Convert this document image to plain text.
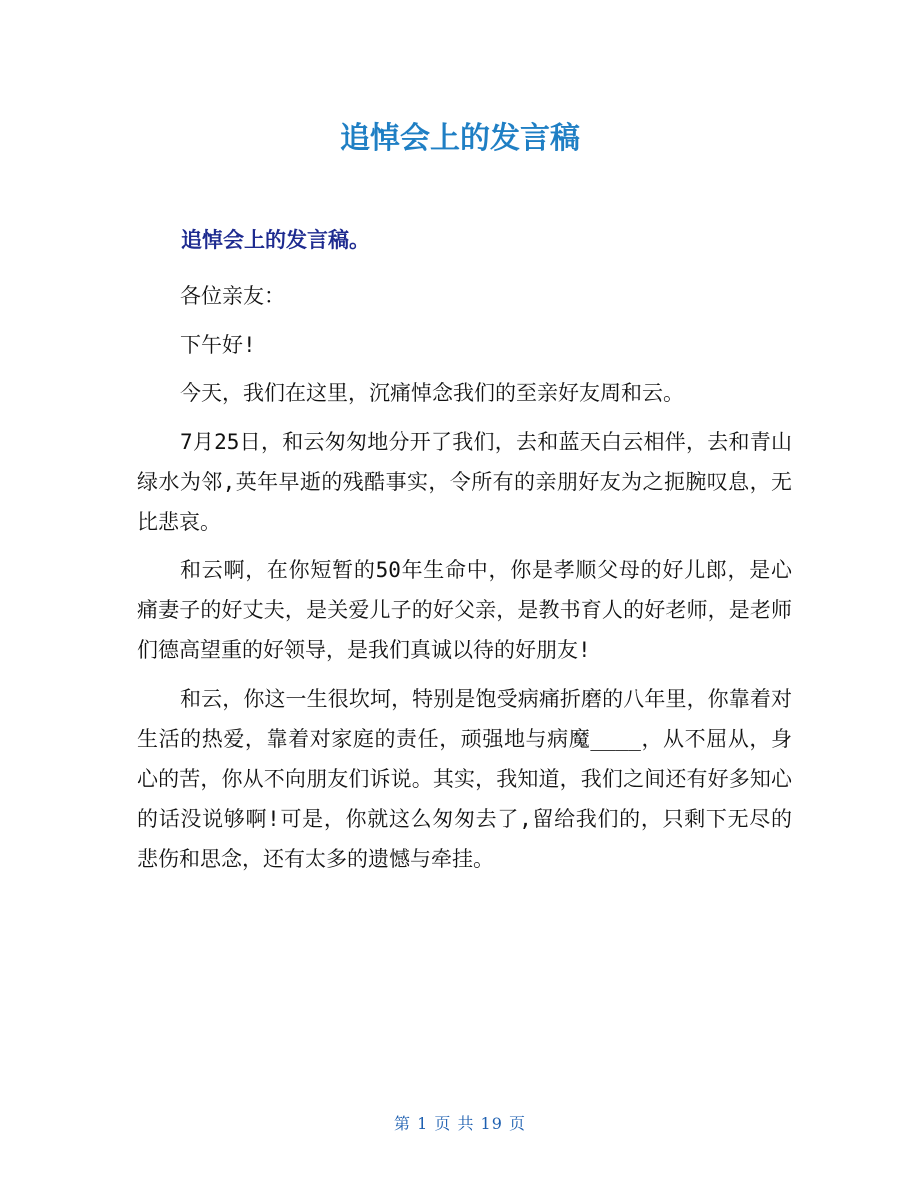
追悼会上的发言稿
追悼会上的发言稿。

各位亲友：

下午好!

今天，我们在这里，沉痛悼念我们的至亲好友周和云。

7月25日，和云匆匆地分开了我们，去和蓝天白云相伴，去和青山绿水为邻,英年早逝的残酷事实，令所有的亲朋好友为之扼腕叹息，无比悲哀。

和云啊，在你短暂的50年生命中，你是孝顺父母的好儿郎，是心痛妻子的好丈夫，是关爱儿子的好父亲，是教书育人的好老师，是老师们德高望重的好领导，是我们真诚以待的好朋友!

和云，你这一生很坎坷，特别是饱受病痛折磨的八年里，你靠着对生活的热爱，靠着对家庭的责任，顽强地与病魔____，从不屈从，身心的苦，你从不向朋友们诉说。其实，我知道，我们之间还有好多知心的话没说够啊!可是，你就这么匆匆去了,留给我们的，只剩下无尽的悲伤和思念，还有太多的遗憾与牵挂。

第 1 页 共 19 页
